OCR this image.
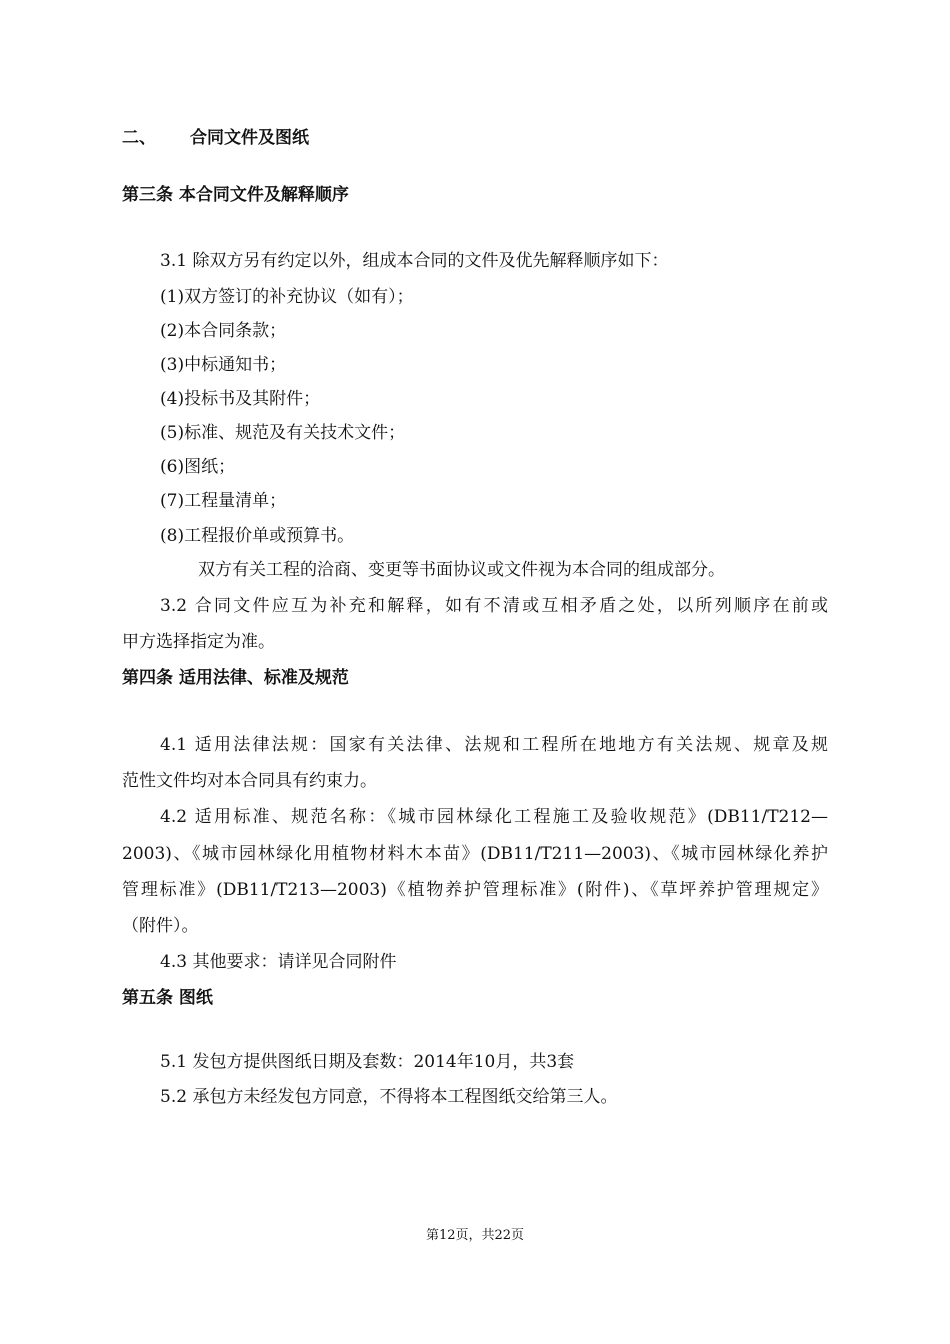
二、 合同文件及图纸
第三条 本合同文件及解释顺序
3.1 除双方另有约定以外，组成本合同的文件及优先解释顺序如下：
(1)双方签订的补充协议（如有）；
(2)本合同条款；
(3)中标通知书；
(4)投标书及其附件；
(5)标准、规范及有关技术文件；
(6)图纸；
(7)工程量清单；
(8)工程报价单或预算书。
双方有关工程的洽商、变更等书面协议或文件视为本合同的组成部分。
3.2 合同文件应互为补充和解释，如有不清或互相矛盾之处，以所列顺序在前或
甲方选择指定为准。
第四条 适用法律、标准及规范
4.1 适用法律法规：国家有关法律、法规和工程所在地地方有关法规、规章及规
范性文件均对本合同具有约束力。
4.2 适用标准、规范名称：《城市园林绿化工程施工及验收规范》(DB11/T212—
2003)、《城市园林绿化用植物材料木本苗》(DB11/T211—2003)、《城市园林绿化养护
管理标准》(DB11/T213—2003)《植物养护管理标准》(附件)、《草坪养护管理规定》
（附件）。
4.3 其他要求：请详见合同附件
第五条 图纸
5.1 发包方提供图纸日期及套数：2014年10月，共3套
5.2 承包方未经发包方同意，不得将本工程图纸交给第三人。
第12页，共22页
